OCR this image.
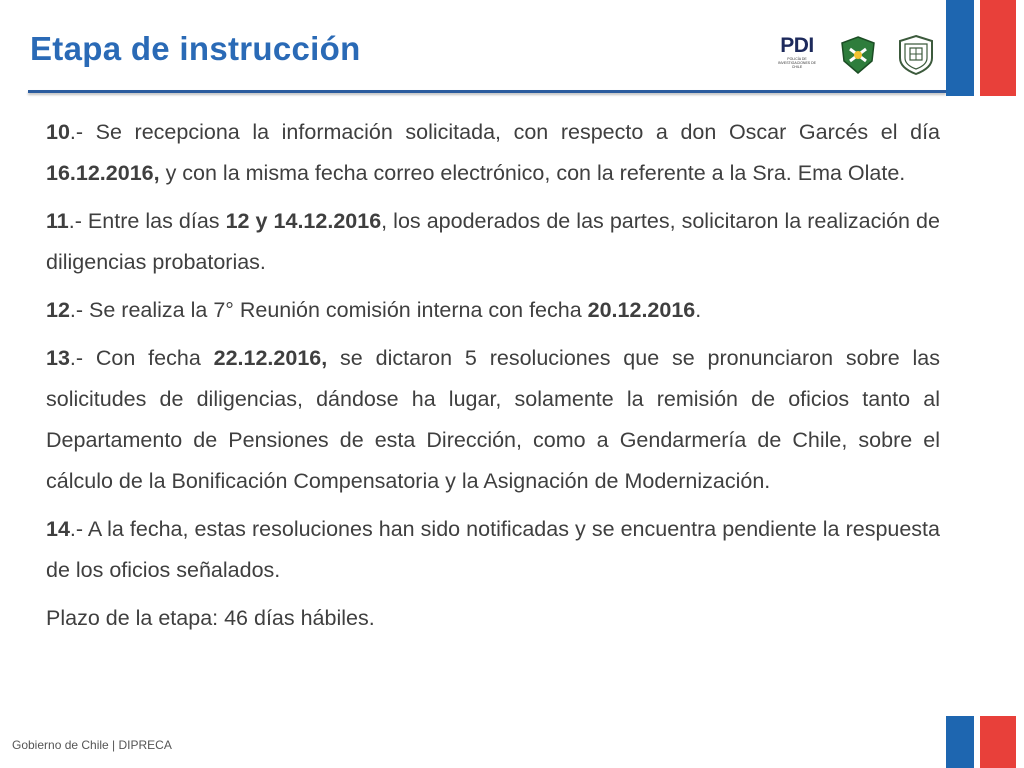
Etapa de instrucción	PDI
POLICÍA DE INVESTIGACIONES DE CHILE

10.- Se recepciona la información solicitada, con respecto a don Oscar Garcés el día 16.12.2016, y con la misma fecha correo electrónico, con la referente a la Sra. Ema Olate.

11.- Entre las días 12 y 14.12.2016, los apoderados de las partes, solicitaron la realización de diligencias probatorias.

12.- Se realiza la 7° Reunión comisión interna con fecha 20.12.2016.

13.- Con fecha 22.12.2016, se dictaron 5 resoluciones que se pronunciaron sobre las solicitudes de diligencias, dándose ha lugar, solamente la remisión de oficios tanto al Departamento de Pensiones de esta Dirección, como a Gendarmería de Chile, sobre el cálculo de la Bonificación Compensatoria y la Asignación de Modernización.

14.- A la fecha, estas resoluciones han sido notificadas y se encuentra pendiente la respuesta de los oficios señalados.

Plazo de la etapa: 46 días hábiles.

Gobierno de Chile | DIPRECA
